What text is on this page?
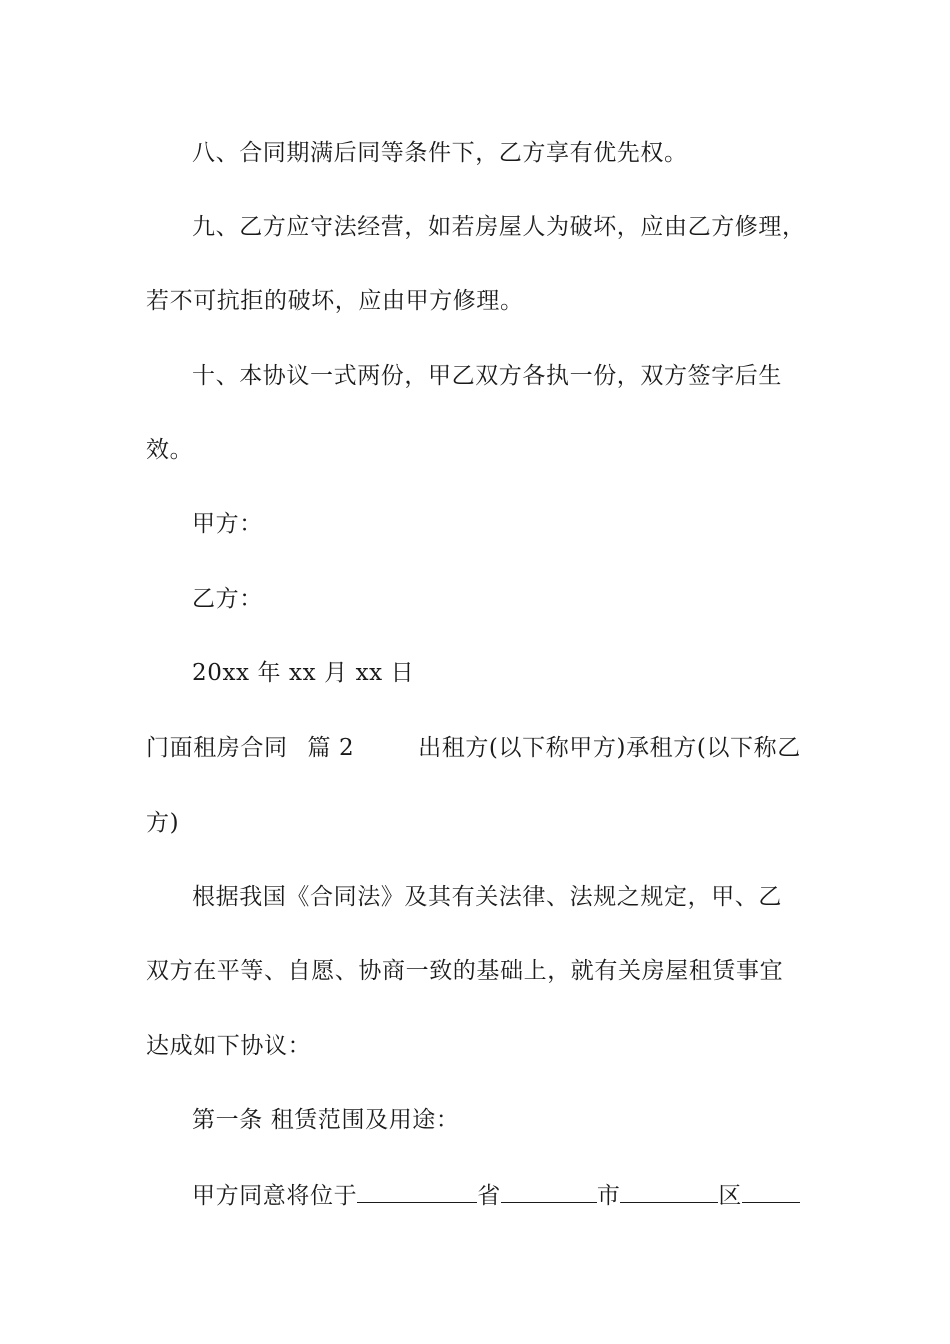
八、合同期满后同等条件下，乙方享有优先权。
九、乙方应守法经营，如若房屋人为破坏，应由乙方修理，
若不可抗拒的破坏，应由甲方修理。
十、本协议一式两份，甲乙双方各执一份，双方签字后生
效。
甲方：
乙方：
20xx 年 xx 月 xx 日
门面租房合同 篇 2	出租方(以下称甲方)承租方(以下称乙
方)
根据我国《合同法》及其有关法律、法规之规定，甲、乙
双方在平等、自愿、协商一致的基础上，就有关房屋租赁事宜
达成如下协议：
第一条 租赁范围及用途：
甲方同意将位于	省	市	区
